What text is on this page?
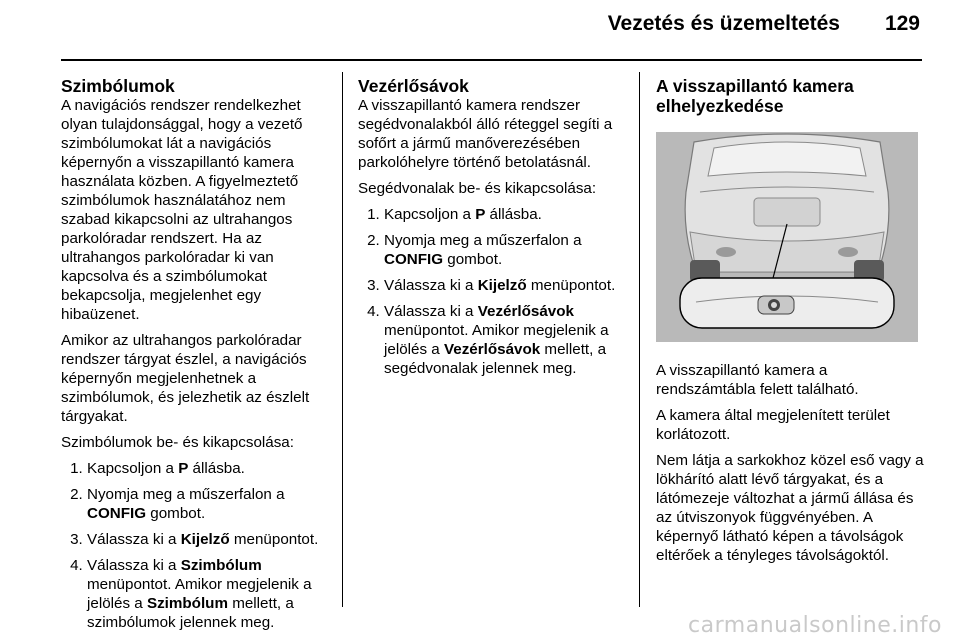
Vezetés és üzemeltetés 129
Szimbólumok

A navigációs rendszer rendelkezhet olyan tulajdonsággal, hogy a vezető szimbólumokat lát a navigációs képernyőn a visszapillantó kamera használata közben. A figyelmeztető szimbólumok használatához nem szabad kikapcsolni az ultrahangos parkolóradar rendszert. Ha az ultrahangos parkolóradar ki van kapcsolva és a szimbólumokat bekapcsolja, megjelenhet egy hibaüzenet.

Amikor az ultrahangos parkolóradar rendszer tárgyat észlel, a navigációs képernyőn megjelenhetnek a szimbólumok, és jelezhetik az észlelt tárgyakat.

Szimbólumok be- és kikapcsolása:

1. Kapcsoljon a P állásba.
2. Nyomja meg a műszerfalon a CONFIG gombot.
3. Válassza ki a Kijelző menüpontot.
4. Válassza ki a Szimbólum menüpontot. Amikor megjelenik a jelölés a Szimbólum mellett, a szimbólumok jelennek meg.
Vezérlősávok

A visszapillantó kamera rendszer segédvonalakból álló réteggel segíti a sofőrt a jármű manőverezésében parkolóhelyre történő betolatásnál.

Segédvonalak be- és kikapcsolása:

1. Kapcsoljon a P állásba.
2. Nyomja meg a műszerfalon a CONFIG gombot.
3. Válassza ki a Kijelző menüpontot.
4. Válassza ki a Vezérlősávok menüpontot. Amikor megjelenik a jelölés a Vezérlősávok mellett, a segédvonalak jelennek meg.
A visszapillantó kamera elhelyezkedése

A visszapillantó kamera a rendszámtábla felett található.

A kamera által megjelenített terület korlátozott.

Nem látja a sarkokhoz közel eső vagy a lökhárító alatt lévő tárgyakat, és a látómezeje változhat a jármű állása és az útviszonyok függvényében. A képernyő látható képen a távolságok eltérőek a tényleges távolságoktól.

carmanualsonline.info
